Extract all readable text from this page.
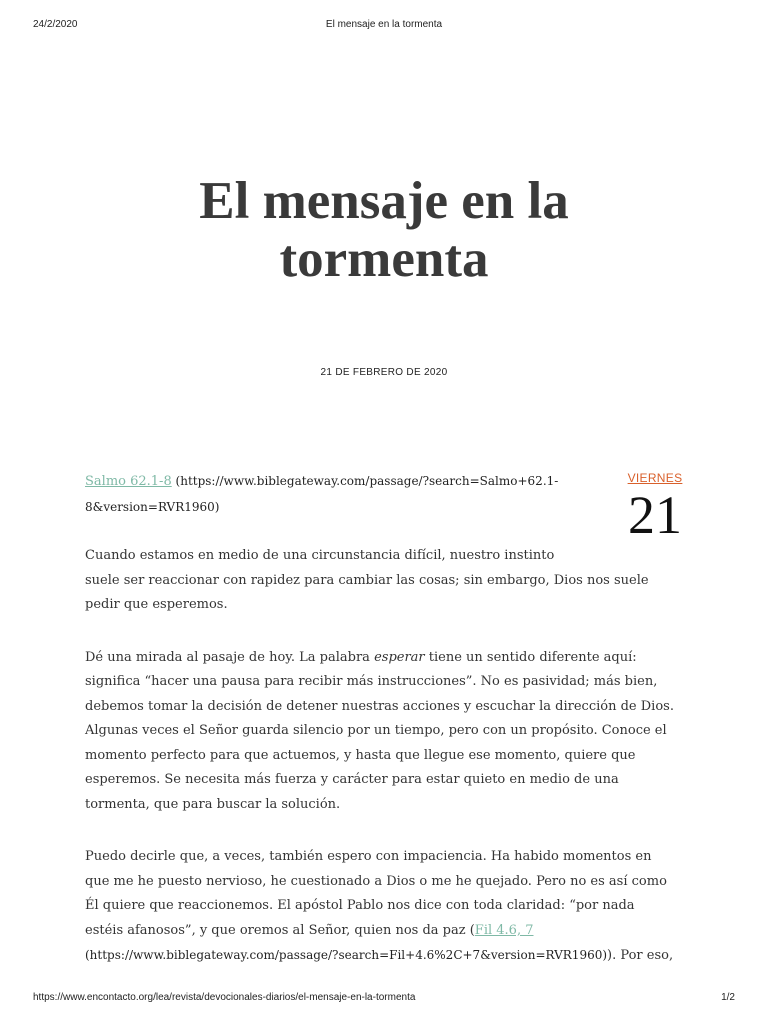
24/2/2020	El mensaje en la tormenta
El mensaje en la
tormenta
21 DE FEBRERO DE 2020
VIERNES
21

Salmo 62.1-8 (https://www.biblegateway.com/passage/?search=Salmo+62.1-
8&version=RVR1960)

Cuando estamos en medio de una circunstancia difícil, nuestro instinto
suele ser reaccionar con rapidez para cambiar las cosas; sin embargo, Dios nos suele pedir que esperemos.

Dé una mirada al pasaje de hoy. La palabra esperar tiene un sentido diferente aquí: significa “hacer una pausa para recibir más instrucciones”. No es pasividad; más bien, debemos tomar la decisión de detener nuestras acciones y escuchar la dirección de Dios. Algunas veces el Señor guarda silencio por un tiempo, pero con un propósito. Conoce el momento perfecto para que actuemos, y hasta que llegue ese momento, quiere que esperemos. Se necesita más fuerza y carácter para estar quieto en medio de una tormenta, que para buscar la solución.

Puedo decirle que, a veces, también espero con impaciencia. Ha habido momentos en que me he puesto nervioso, he cuestionado a Dios o me he quejado. Pero no es así como Él quiere que reaccionemos. El apóstol Pablo nos dice con toda claridad: “por nada estéis afanosos”, y que oremos al Señor, quien nos da paz (Fil 4.6, 7
(https://www.biblegateway.com/passage/?search=Fil+4.6%2C+7&version=RVR1960)). Por eso,

https://www.encontacto.org/lea/revista/devocionales-diarios/el-mensaje-en-la-tormenta	1/2
